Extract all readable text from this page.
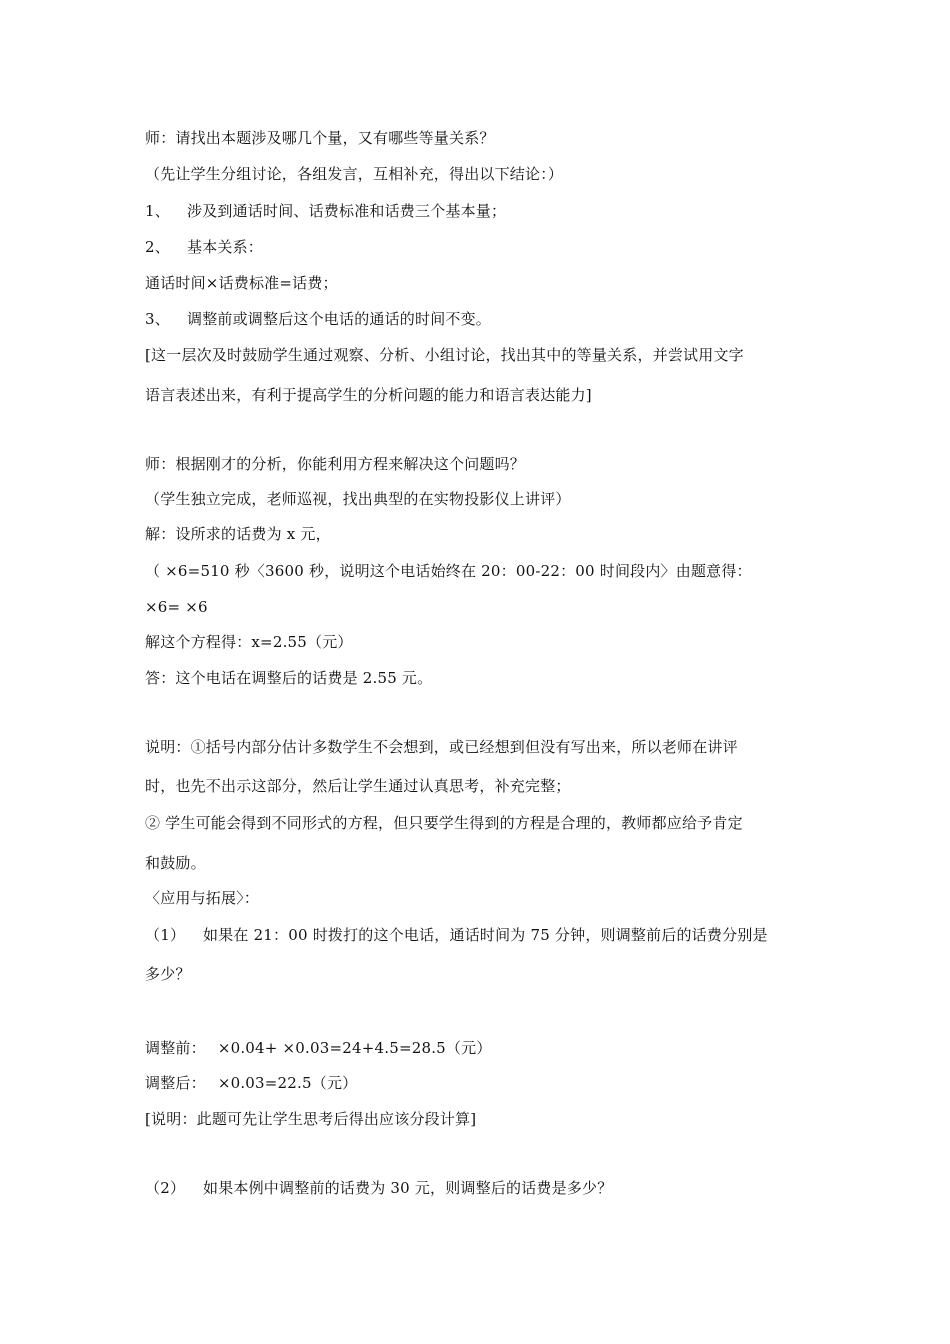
师：请找出本题涉及哪几个量，又有哪些等量关系？
（先让学生分组讨论，各组发言，互相补充，得出以下结论：）
1、 涉及到通话时间、话费标准和话费三个基本量；
2、 基本关系：
通话时间×话费标准=话费；
3、 调整前或调整后这个电话的通话的时间不变。
[这一层次及时鼓励学生通过观察、分析、小组讨论，找出其中的等量关系，并尝试用文字
语言表述出来，有利于提高学生的分析问题的能力和语言表达能力]
师：根据刚才的分析，你能利用方程来解决这个问题吗？
（学生独立完成，老师巡视，找出典型的在实物投影仪上讲评）
解：设所求的话费为 x 元，
（ ×6=510 秒〈3600 秒，说明这个电话始终在 20：00-22：00 时间段内〉由题意得：
×6= ×6
解这个方程得：x=2.55（元）
答：这个电话在调整后的话费是 2.55 元。
说明：①括号内部分估计多数学生不会想到，或已经想到但没有写出来，所以老师在讲评
时，也先不出示这部分，然后让学生通过认真思考，补充完整；
② 学生可能会得到不同形式的方程，但只要学生得到的方程是合理的，教师都应给予肯定
和鼓励。
〈应用与拓展〉：
（1） 如果在 21：00 时拨打的这个电话，通话时间为 75 分钟，则调整前后的话费分别是
多少？
调整前： ×0.04+ ×0.03=24+4.5=28.5（元）
调整后： ×0.03=22.5（元）
[说明：此题可先让学生思考后得出应该分段计算]
（2） 如果本例中调整前的话费为 30 元，则调整后的话费是多少？
